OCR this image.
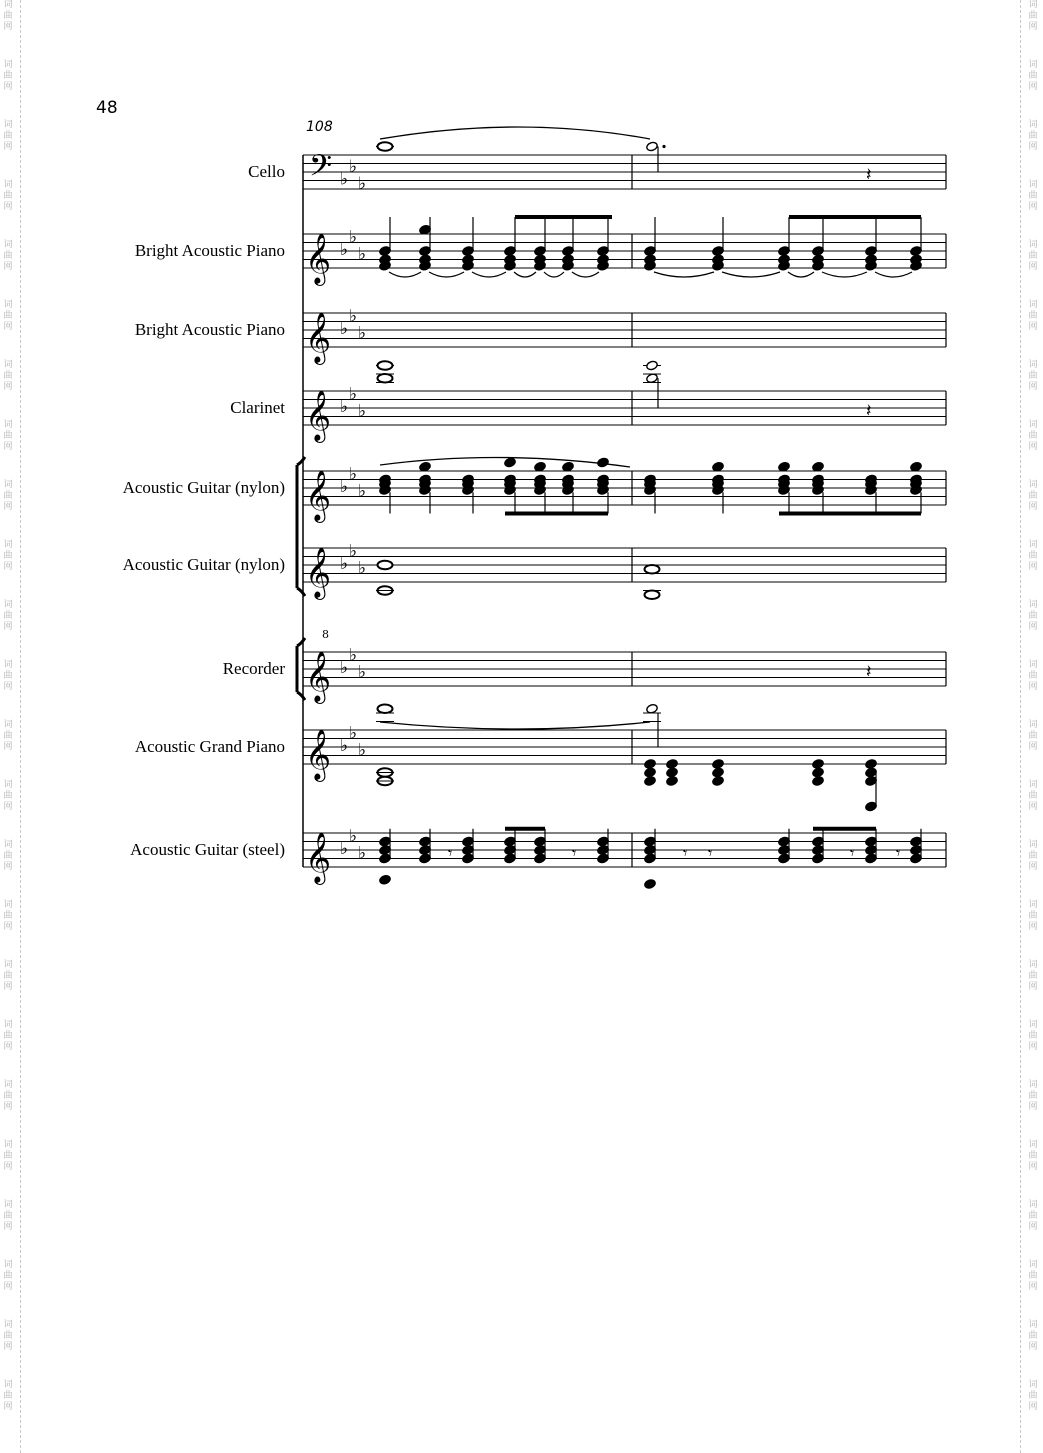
词
曲
网
词
曲
网
词
曲
网
词
曲
网
词
曲
网
词
曲
网
词
曲
网
词
曲
网
词
曲
网
词
曲
网
词
曲
网
词
曲
网
词
曲
网
词
曲
网
词
曲
网
词
曲
网
词
曲
网
词
曲
网
词
曲
网
词
曲
网
词
曲
网
词
曲
网
词
曲
网
词
曲
网
词
曲
网
词
曲
网
词
曲
网
词
曲
网
词
曲
网
词
曲
网
词
曲
网
词
曲
网
词
曲
网
词
曲
网
词
曲
网
词
曲
网
词
曲
网
词
曲
网
词
曲
网
词
曲
网
词
曲
网
词
曲
网
词
曲
网
词
曲
网
词
曲
网
词
曲
网
词
曲
网
词
曲
网
48
108
Cello
Bright Acoustic Piano
Bright Acoustic Piano
Clarinet
Acoustic Guitar (nylon)
Acoustic Guitar (nylon)
Recorder
Acoustic Grand Piano
Acoustic Guitar (steel)
𝄢 ♭
♭
♭
𝄞 ♭
♭
♭
𝄞 ♭
♭
♭
𝄞 ♭
♭
♭
𝄞 ♭
♭
♭
𝄞 ♭
♭
♭
𝄞
8
♭
♭
♭
𝄞 ♭
♭
♭
𝄞 ♭
♭
♭
𝄽
𝄽
𝄽
𝄾	𝄾	𝄾 𝄾	𝄾	𝄾
